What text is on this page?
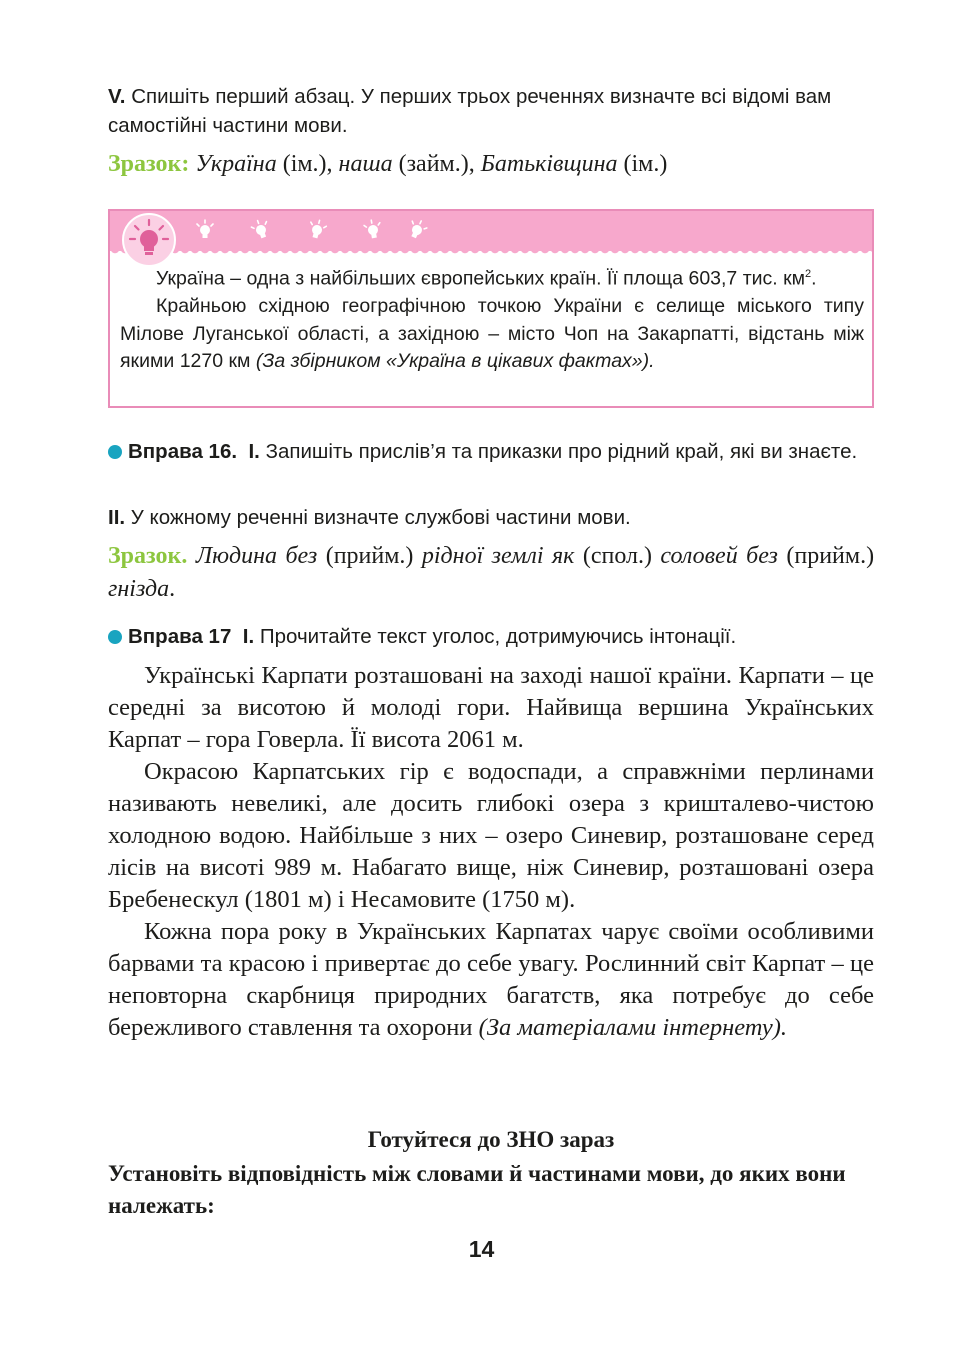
V. Спишіть перший абзац. У перших трьох реченнях визначте всі відомі вам самостійні частини мови.
Зразок: Україна (ім.), наша (займ.), Батьківщина (ім.)

Україна – одна з найбільших європейських країн. Її площа 603,7 тис. $км^2$.

Крайньою східною географічною точкою України є селище міського типу Мілове Луганської області, а західною – місто Чоп на Закарпатті, відстань між якими 1270 км (За збірником «Україна в цікавих фактах»).

Вправа 16. I. Запишіть прислів’я та приказки про рідний край, які ви знаєте.
II. У кожному реченні визначте службові частини мови.
Зразок. Людина без (прийм.) рідної землі як (спол.) соловей без (прийм.) гнізда.
Вправа 17 I. Прочитайте текст уголос, дотримуючись інтонації.

Українські Карпати розташовані на заході нашої країни. Карпати – це середні за висотою й молоді гори. Найвища вершина Українських Карпат – гора Говерла. Її висота 2061 м.

Окрасою Карпатських гір є водоспади, а справжніми перлинами називають невеликі, але досить глибокі озера з кришталево-чистою холодною водою. Найбільше з них – озеро Синевир, розташоване серед лісів на висоті 989 м. Набагато вище, ніж Синевир, розташовані озера Бребенескул (1801 м) і Несамовите (1750 м).

Кожна пора року в Українських Карпатах чарує своїми особливими барвами та красою і привертає до себе увагу. Рослинний світ Карпат – це неповторна скарбниця природних багатств, яка потребує до себе бережливого ставлення та охорони (За матеріалами інтернету).

Готуйтеся до ЗНО зараз
Установіть відповідність між словами й частинами мови, до яких вони належать:
14
